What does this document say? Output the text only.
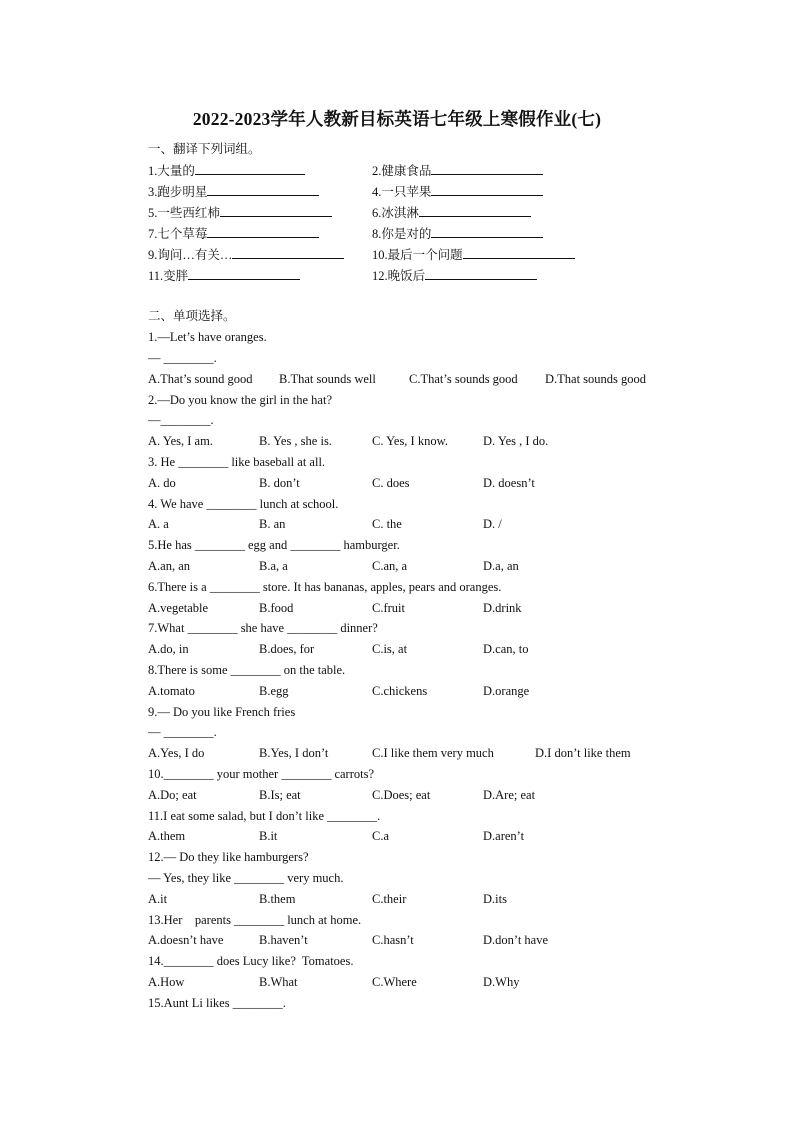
2022-2023学年人教新目标英语七年级上寒假作业(七)
一、翻译下列词组。
1.大量的	2.健康食品
3.跑步明星	4.一只苹果
5.一些西红柿	6.冰淇淋
7.七个草莓	8.你是对的
9.询问…有关…	10.最后一个问题
11.变胖	12.晚饭后
二、单项选择。
1.—Let’s have oranges.
— ________.
A.That’s sound good B.That sounds well	C.That’s sounds good D.That sounds good
2.—Do you know the girl in the hat?
—________.
A. Yes, I am.	B. Yes , she is.	C. Yes, I know.	D. Yes , I do.
3. He ________ like baseball at all.
A. do	B. don’t	C. does	D. doesn’t
4. We have ________ lunch at school.
A. a	B. an	C. the	D. /
5.He has ________ egg and ________ hamburger.
A.an, an	B.a, a	C.an, a	D.a, an
6.There is a ________ store. It has bananas, apples, pears and oranges.
A.vegetable	B.food	C.fruit	D.drink
7.What ________ she have ________ dinner?
A.do, in	B.does, for	C.is, at	D.can, to
8.There is some ________ on the table.
A.tomato	B.egg	C.chickens	D.orange
9.— Do you like French fries
— ________.
A.Yes, I do	B.Yes, I don’t	C.I like them very much	D.I don’t like them
10.________ your mother ________ carrots?
A.Do; eat	B.Is; eat	C.Does; eat	D.Are; eat
11.I eat some salad, but I don’t like ________.
A.them	B.it	C.a	D.aren’t
12.— Do they like hamburgers?
— Yes, they like ________ very much.
A.it	B.them	C.their	D.its
13.Her    parents ________ lunch at home.
A.doesn’t have	B.haven’t	C.hasn’t	D.don’t have
14.________ does Lucy like?  Tomatoes.
A.How	B.What	C.Where	D.Why
15.Aunt Li likes ________.
